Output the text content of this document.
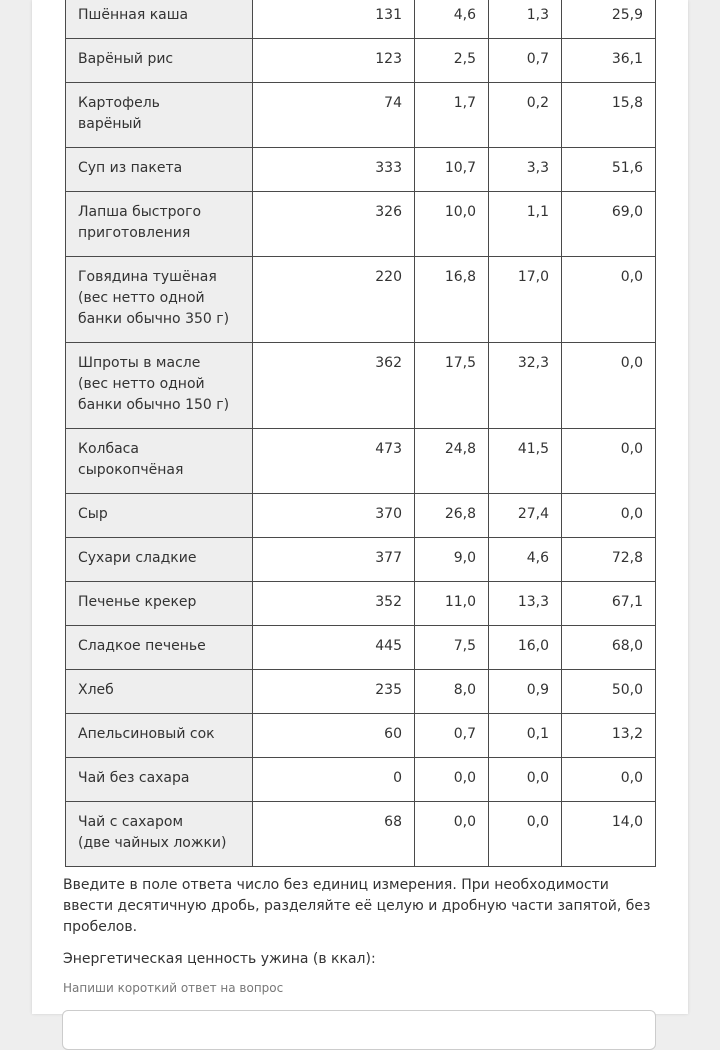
Пшённая каша	131	4,6	1,3	25,9
Варёный рис	123	2,5	0,7	36,1
Картофель
варёный	74	1,7	0,2	15,8
Суп из пакета	333	10,7	3,3	51,6
Лапша быстрого
приготовления	326	10,0	1,1	69,0
Говядина тушёная
(вес нетто одной
банки обычно 350 г)	220	16,8	17,0	0,0
Шпроты в масле
(вес нетто одной
банки обычно 150 г)	362	17,5	32,3	0,0
Колбаса
сырокопчёная	473	24,8	41,5	0,0
Сыр	370	26,8	27,4	0,0
Сухари сладкие	377	9,0	4,6	72,8
Печенье крекер	352	11,0	13,3	67,1
Сладкое печенье	445	7,5	16,0	68,0
Хлеб	235	8,0	0,9	50,0
Апельсиновый сок	60	0,7	0,1	13,2
Чай без сахара	0	0,0	0,0	0,0
Чай с сахаром
(две чайных ложки)	68	0,0	0,0	14,0
Введите в поле ответа число без единиц измерения. При необходимости ввести десятичную дробь, разделяйте её целую и дробную части запятой, без пробелов.
Энергетическая ценность ужина (в ккал):
Напиши короткий ответ на вопрос
